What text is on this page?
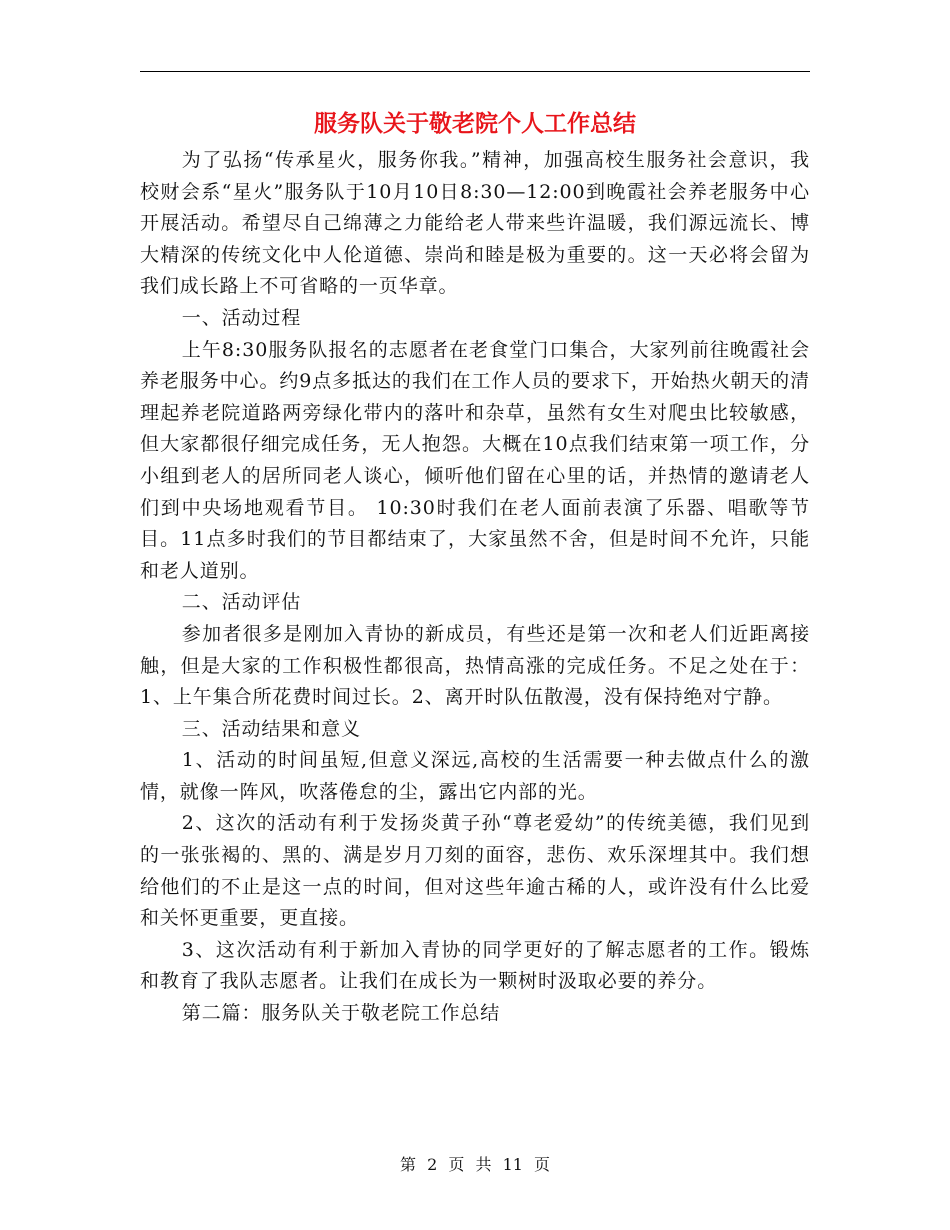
服务队关于敬老院个人工作总结

为了弘扬“传承星火，服务你我。”精神，加强高校生服务社会意识，我校财会系“星火”服务队于10月10日8:30—12:00到晚霞社会养老服务中心开展活动。希望尽自己绵薄之力能给老人带来些许温暖，我们源远流长、博大精深的传统文化中人伦道德、崇尚和睦是极为重要的。这一天必将会留为我们成长路上不可省略的一页华章。

一、活动过程

上午8:30服务队报名的志愿者在老食堂门口集合，大家列前往晚霞社会养老服务中心。约9点多抵达的我们在工作人员的要求下，开始热火朝天的清理起养老院道路两旁绿化带内的落叶和杂草，虽然有女生对爬虫比较敏感，但大家都很仔细完成任务，无人抱怨。大概在10点我们结束第一项工作，分小组到老人的居所同老人谈心，倾听他们留在心里的话，并热情的邀请老人们到中央场地观看节目。 10:30时我们在老人面前表演了乐器、唱歌等节目。11点多时我们的节目都结束了，大家虽然不舍，但是时间不允许，只能和老人道别。

二、活动评估

参加者很多是刚加入青协的新成员，有些还是第一次和老人们近距离接触，但是大家的工作积极性都很高，热情高涨的完成任务。不足之处在于：1、上午集合所花费时间过长。2、离开时队伍散漫，没有保持绝对宁静。

三、活动结果和意义

1、活动的时间虽短,但意义深远,高校的生活需要一种去做点什么的激情，就像一阵风，吹落倦怠的尘，露出它内部的光。

2、这次的活动有利于发扬炎黄子孙“尊老爱幼”的传统美德，我们见到的一张张褐的、黑的、满是岁月刀刻的面容，悲伤、欢乐深埋其中。我们想给他们的不止是这一点的时间，但对这些年逾古稀的人，或许没有什么比爱和关怀更重要，更直接。

3、这次活动有利于新加入青协的同学更好的了解志愿者的工作。锻炼和教育了我队志愿者。让我们在成长为一颗树时汲取必要的养分。

第二篇：服务队关于敬老院工作总结

第 2 页 共 11 页
